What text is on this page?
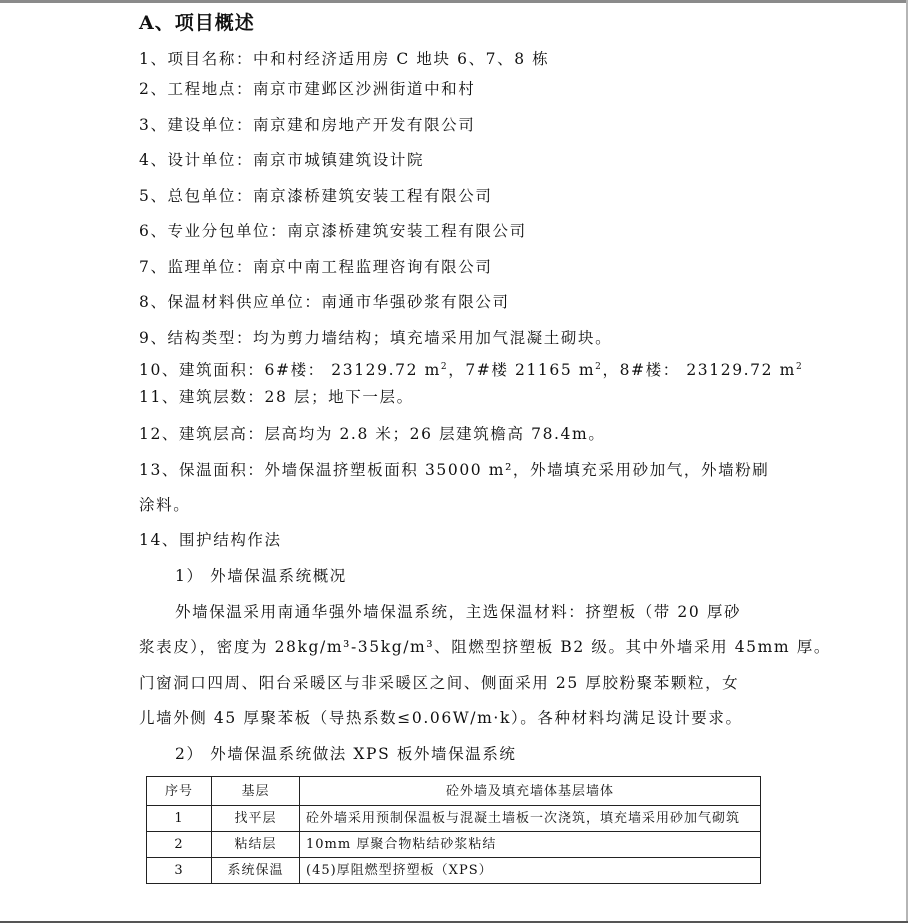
A、项目概述

1、项目名称：中和村经济适用房 C 地块 6、7、8 栋

2、工程地点：南京市建邺区沙洲街道中和村

3、建设单位：南京建和房地产开发有限公司

4、设计单位：南京市城镇建筑设计院

5、总包单位：南京漆桥建筑安装工程有限公司

6、专业分包单位：南京漆桥建筑安装工程有限公司

7、监理单位：南京中南工程监理咨询有限公司

8、保温材料供应单位：南通市华强砂浆有限公司

9、结构类型：均为剪力墙结构；填充墙采用加气混凝土砌块。

10、建筑面积：6#楼： 23129.72 $m^2$，7#楼 21165 $m^2$，8#楼： 23129.72 $m^2$

11、建筑层数：28 层；地下一层。

12、建筑层高：层高均为 2.8 米；26 层建筑檐高 78.4m。

13、保温面积：外墙保温挤塑板面积 35000 m²，外墙填充采用砂加气，外墙粉刷

涂料。

14、围护结构作法

1） 外墙保温系统概况

外墙保温采用南通华强外墙保温系统，主选保温材料：挤塑板（带 20 厚砂

浆表皮），密度为 28kg/m³-35kg/m³、阻燃型挤塑板 B2 级。其中外墙采用 45mm 厚。

门窗洞口四周、阳台采暖区与非采暖区之间、侧面采用 25 厚胶粉聚苯颗粒，女

儿墙外侧 45 厚聚苯板（导热系数≤0.06W/m·k）。各种材料均满足设计要求。

2） 外墙保温系统做法 XPS 板外墙保温系统

序号	基层	砼外墙及填充墙体基层墙体
1	找平层	砼外墙采用预制保温板与混凝土墙板一次浇筑，填充墙采用砂加气砌筑
2	粘结层	10mm 厚聚合物粘结砂浆粘结
3	系统保温	(45)厚阻燃型挤塑板（XPS）
